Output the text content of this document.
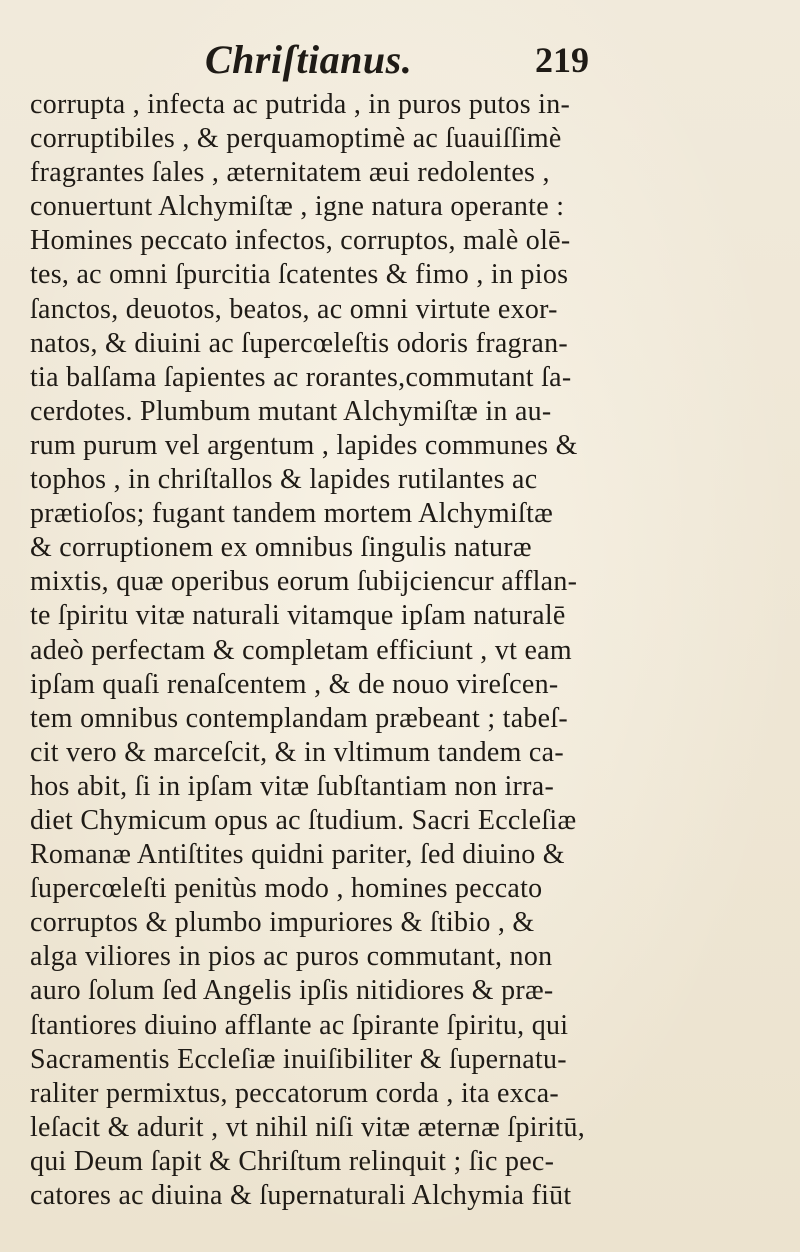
Chriſtianus.	219
corrupta , infecta ac putrida , in puros putos in-
corruptibiles , & perquamoptimè ac ſuauiſſimè
fragrantes ſales , æternitatem æui redolentes ,
conuertunt Alchymiſtæ , igne natura operante :
Homines peccato infectos, corruptos, malè olē-
tes, ac omni ſpurcitia ſcatentes & fimo , in pios
ſanctos, deuotos, beatos, ac omni virtute exor-
natos, & diuini ac ſupercœleſtis odoris fragran-
tia balſama ſapientes ac rorantes,commutant ſa-
cerdotes. Plumbum mutant Alchymiſtæ in au-
rum purum vel argentum , lapides communes &
tophos , in chriſtallos & lapides rutilantes ac
prætioſos; fugant tandem mortem Alchymiſtæ
& corruptionem ex omnibus ſingulis naturæ
mixtis, quæ operibus eorum ſubijciencur afflan-
te ſpiritu vitæ naturali vitamque ipſam naturalē
adeò perfectam & completam efficiunt , vt eam
ipſam quaſi renaſcentem , & de nouo vireſcen-
tem omnibus contemplandam præbeant ; tabeſ-
cit vero & marceſcit, & in vltimum tandem ca-
hos abit, ſi in ipſam vitæ ſubſtantiam non irra-
diet Chymicum opus ac ſtudium. Sacri Eccleſiæ
Romanæ Antiſtites quidni pariter, ſed diuino &
ſupercœleſti penitùs modo , homines peccato
corruptos & plumbo impuriores & ſtibio , &
alga viliores in pios ac puros commutant, non
auro ſolum ſed Angelis ipſis nitidiores & præ-
ſtantiores diuino afflante ac ſpirante ſpiritu, qui
Sacramentis Eccleſiæ inuiſibiliter & ſupernatu-
raliter permixtus, peccatorum corda , ita exca-
leſacit & adurit , vt nihil niſi vitæ æternæ ſpiritū,
qui Deum ſapit & Chriſtum relinquit ; ſic pec-
catores ac diuina & ſupernaturali Alchymia fiūt
